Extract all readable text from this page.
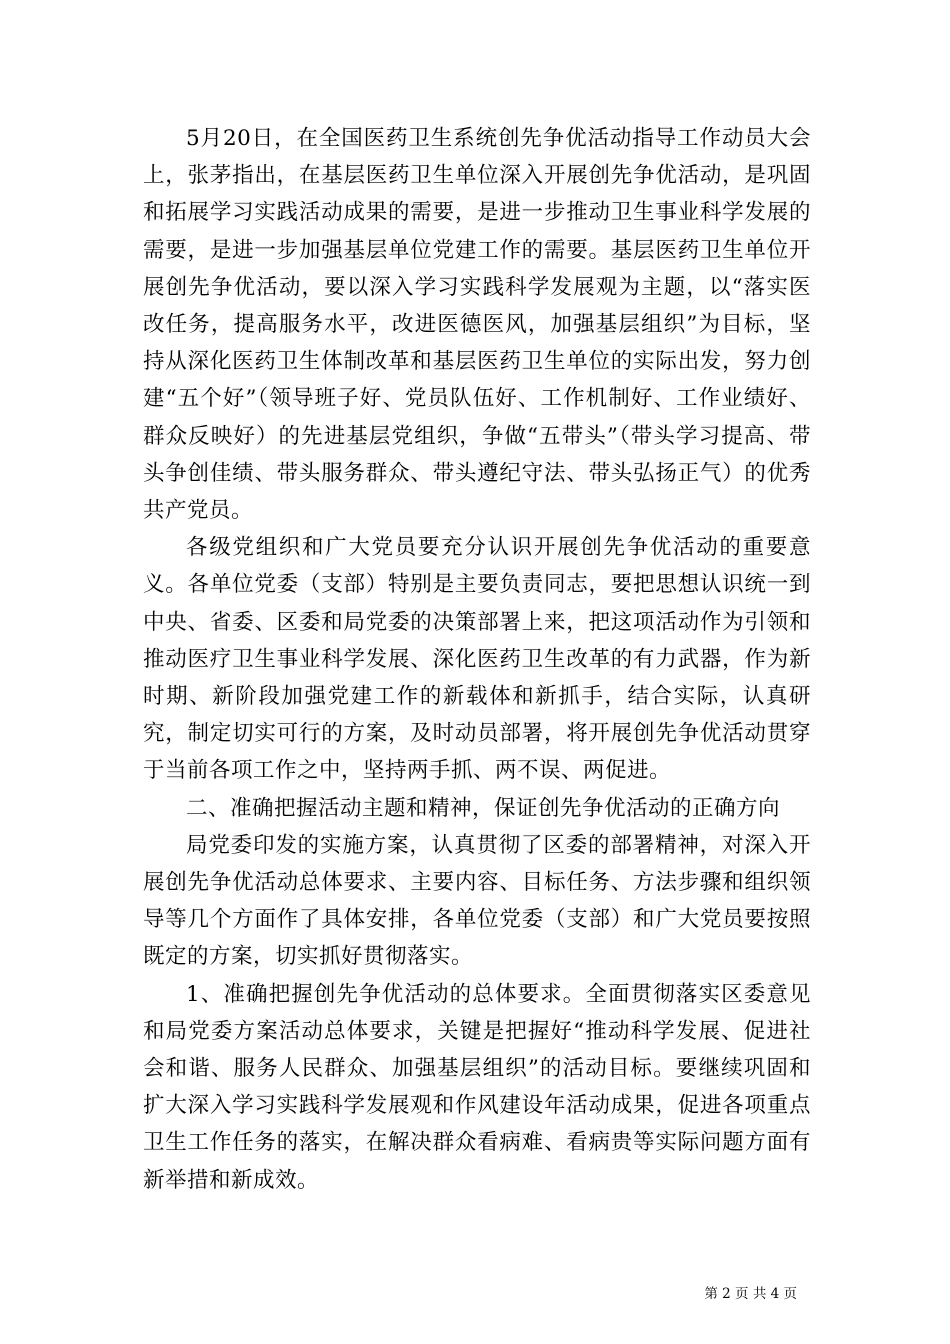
5月20日，在全国医药卫生系统创先争优活动指导工作动员大会上，张茅指出，在基层医药卫生单位深入开展创先争优活动，是巩固和拓展学习实践活动成果的需要，是进一步推动卫生事业科学发展的需要，是进一步加强基层单位党建工作的需要。基层医药卫生单位开展创先争优活动，要以深入学习实践科学发展观为主题，以“落实医改任务，提高服务水平，改进医德医风，加强基层组织”为目标，坚持从深化医药卫生体制改革和基层医药卫生单位的实际出发，努力创建“五个好”（领导班子好、党员队伍好、工作机制好、工作业绩好、群众反映好）的先进基层党组织，争做“五带头”（带头学习提高、带头争创佳绩、带头服务群众、带头遵纪守法、带头弘扬正气）的优秀共产党员。

各级党组织和广大党员要充分认识开展创先争优活动的重要意义。各单位党委（支部）特别是主要负责同志，要把思想认识统一到中央、省委、区委和局党委的决策部署上来，把这项活动作为引领和推动医疗卫生事业科学发展、深化医药卫生改革的有力武器，作为新时期、新阶段加强党建工作的新载体和新抓手，结合实际，认真研究，制定切实可行的方案，及时动员部署，将开展创先争优活动贯穿于当前各项工作之中，坚持两手抓、两不误、两促进。

二、准确把握活动主题和精神，保证创先争优活动的正确方向

局党委印发的实施方案，认真贯彻了区委的部署精神，对深入开展创先争优活动总体要求、主要内容、目标任务、方法步骤和组织领导等几个方面作了具体安排，各单位党委（支部）和广大党员要按照既定的方案，切实抓好贯彻落实。

1、准确把握创先争优活动的总体要求。全面贯彻落实区委意见和局党委方案活动总体要求，关键是把握好“推动科学发展、促进社会和谐、服务人民群众、加强基层组织”的活动目标。要继续巩固和扩大深入学习实践科学发展观和作风建设年活动成果，促进各项重点卫生工作任务的落实，在解决群众看病难、看病贵等实际问题方面有新举措和新成效。

第 2 页 共 4 页
